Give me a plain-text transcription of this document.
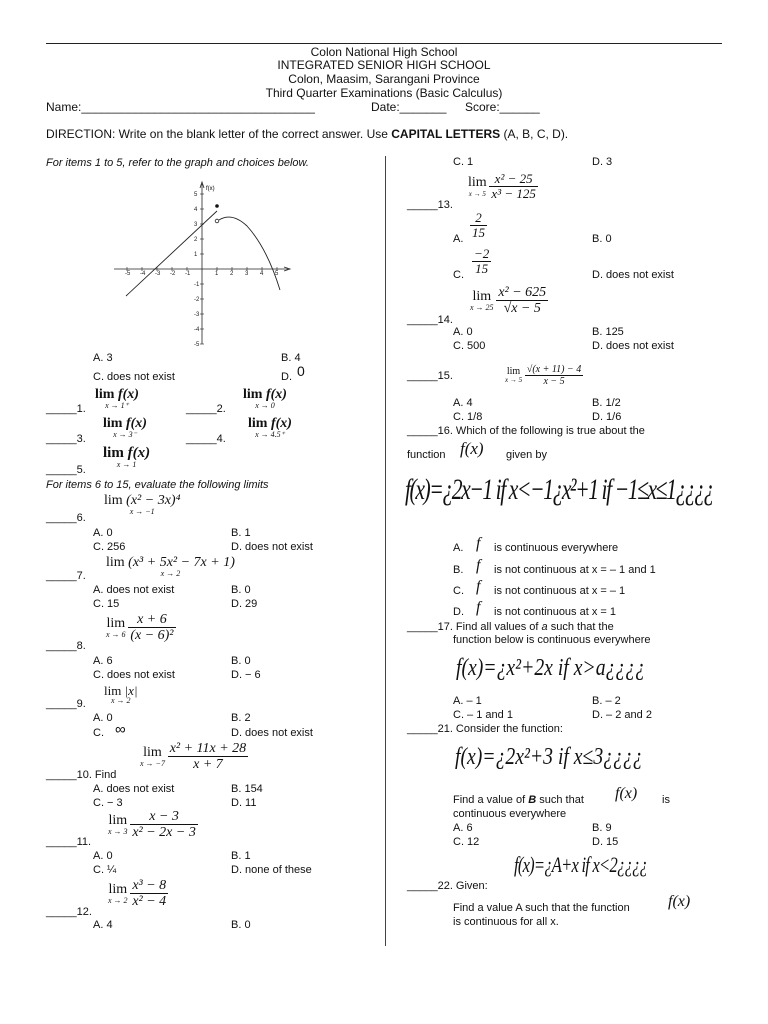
Colon National High School
INTEGRATED SENIOR HIGH SCHOOL
Colon, Maasim, Sarangani Province
Third Quarter Examinations (Basic Calculus)
Name:___________________________________	Date:_______ Score:______
DIRECTION: Write on the blank letter of the correct answer. Use CAPITAL LETTERS (A, B, C, D).
For items 1 to 5, refer to the graph and choices below.
-5 -4 -3 -2 -1	1 2 3 4 5
5
4
3
2
1
-1
-2
-3
-4
-5
f(x)
A. 3	B. 4
C. does not exist	D. 0
lim f(x)
x → 1⁺
_____1.
lim f(x)
x → 0
_____2.
lim f(x)
x → 3⁻
_____3.
lim f(x)
x → 4.5⁺
_____4.
lim f(x)
x → 1
_____5.
For items 6 to 15, evaluate the following limits
lim (x² − 3x)⁴
x → −1
_____6.
A. 0	B. 1
C. 256	D. does not exist
lim (x³ + 5x² − 7x + 1)
x → 2
_____7.
A. does not exist	B. 0
C. 15	D. 29
lim
x → 6
$\frac{x + 6}{\text{(x − 6)²}}$
_____8.
A. 6	B. 0
C. does not exist	D. − 6
lim |x|
x → 2
_____9.
A. 0	B. 2
C. ∞	D. does not exist
lim
x → −7
$\frac{\text{x² + 11x + 28}}{x + 7}$
_____10. Find
A. does not exist	B. 154
C. − 3	D. 11
lim
x → 3
$\frac{x - 3}{\text{x² − 2x − 3}}$
_____11.
A. 0	B. 1
C. ¼	D. none of these
lim
x → 2
$\frac{\text{x³ − 8}}{\text{x² − 4}}$
_____12.
A. 4	B. 0
C. 1	D. 3
lim
x → 5
$\frac{\text{x² − 25}}{\text{x³ − 125}}$
_____13.
A. $\frac{2}{15}$	B. 0
C. $\frac{-2}{15}$	D. does not exist
lim
x → 25
$\frac{\text{x² − 625}}{√x - 5}$
_____14.
A. 0	B. 125
C. 500	D. does not exist
lim
x → 5
$\frac{√(x + 11) - 4}{x - 5}$
_____15.
A. 4	B. 1/2
C. 1/8	D. 1/6
_____16. Which of the following is true about the
function f(x) given by
f(x)=¿2x−1 if x<−1¿x²+1 if −1≤x≤1¿¿¿¿
A. f is continuous everywhere
B. f is not continuous at x = – 1 and 1
C. f is not continuous at x = – 1
D. f is not continuous at x = 1
_____17. Find all values of a such that the
function below is continuous everywhere
f(x)=¿x²+2x if x>a¿¿¿¿
A. – 1	B. – 2
C. – 1 and 1	D. – 2 and 2
_____21. Consider the function:
f(x)=¿2x²+3 if x≤3¿¿¿¿
Find a value of B such that f(x) is
continuous everywhere
A. 6	B. 9
C. 12	D. 15
f(x)=¿A+x if x<2¿¿¿¿
_____22. Given:
Find a value A such that the function f(x)
is continuous for all x.
